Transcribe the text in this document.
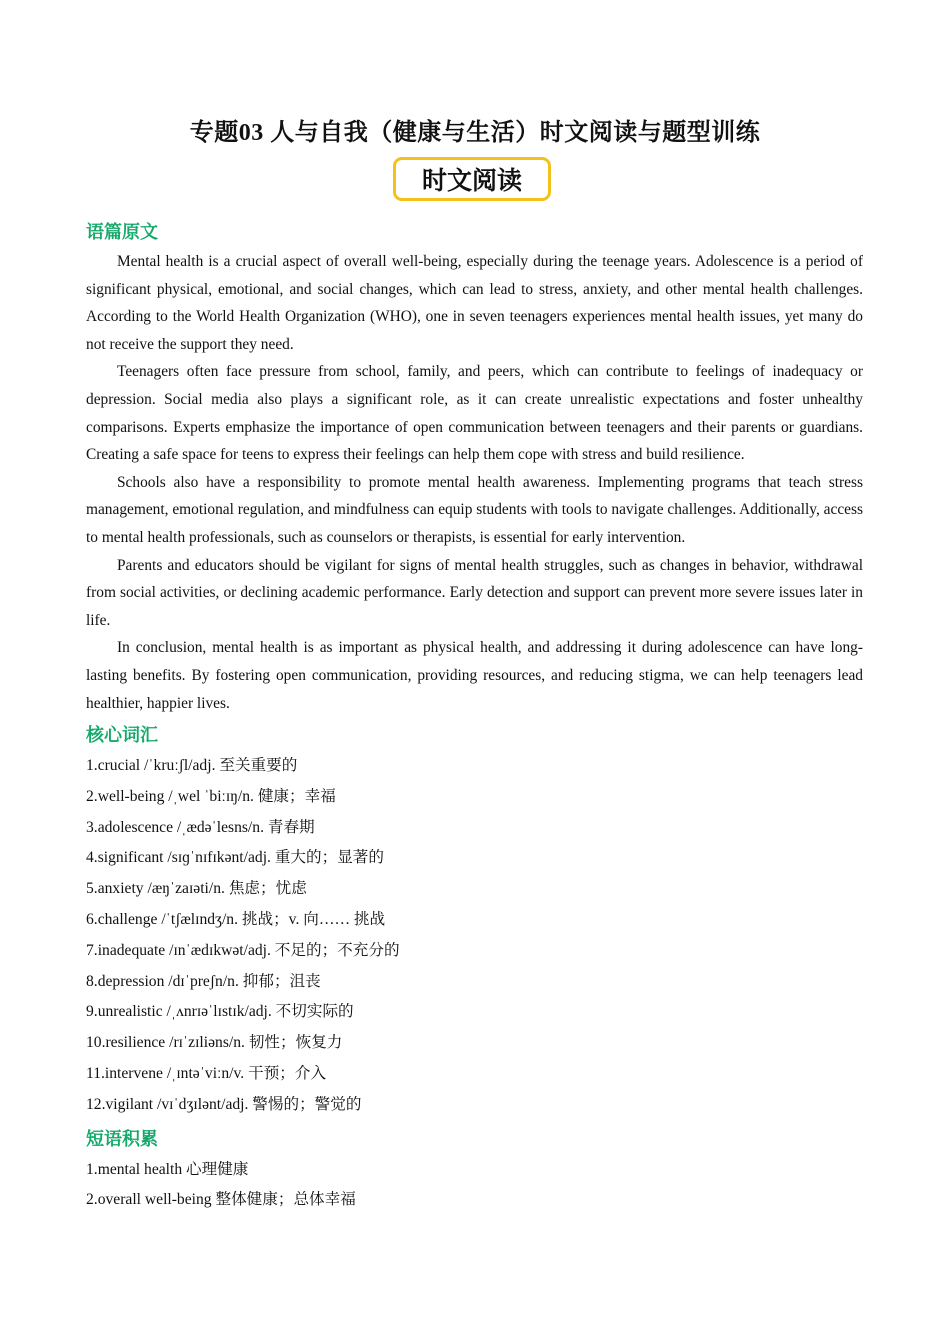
专题03 人与自我（健康与生活）时文阅读与题型训练
时文阅读
语篇原文

Mental health is a crucial aspect of overall well-being, especially during the teenage years. Adolescence is a period of significant physical, emotional, and social changes, which can lead to stress, anxiety, and other mental health challenges. According to the World Health Organization (WHO), one in seven teenagers experiences mental health issues, yet many do not receive the support they need.

Teenagers often face pressure from school, family, and peers, which can contribute to feelings of inadequacy or depression. Social media also plays a significant role, as it can create unrealistic expectations and foster unhealthy comparisons. Experts emphasize the importance of open communication between teenagers and their parents or guardians. Creating a safe space for teens to express their feelings can help them cope with stress and build resilience.

Schools also have a responsibility to promote mental health awareness. Implementing programs that teach stress management, emotional regulation, and mindfulness can equip students with tools to navigate challenges. Additionally, access to mental health professionals, such as counselors or therapists, is essential for early intervention.

Parents and educators should be vigilant for signs of mental health struggles, such as changes in behavior, withdrawal from social activities, or declining academic performance. Early detection and support can prevent more severe issues later in life.

In conclusion, mental health is as important as physical health, and addressing it during adolescence can have long-lasting benefits. By fostering open communication, providing resources, and reducing stigma, we can help teenagers lead healthier, happier lives.

核心词汇
1.crucial /ˈkruːʃl/adj. 至关重要的
2.well-being /ˌwel ˈbiːɪŋ/n. 健康；幸福
3.adolescence /ˌædəˈlesns/n. 青春期
4.significant /sɪɡˈnɪfɪkənt/adj. 重大的；显著的
5.anxiety /æŋˈzaɪəti/n. 焦虑；忧虑
6.challenge /ˈtʃælɪndʒ/n. 挑战；v. 向…… 挑战
7.inadequate /ɪnˈædɪkwət/adj. 不足的；不充分的
8.depression /dɪˈpreʃn/n. 抑郁；沮丧
9.unrealistic /ˌʌnrɪəˈlɪstɪk/adj. 不切实际的
10.resilience /rɪˈzɪliəns/n. 韧性；恢复力
11.intervene /ˌɪntəˈviːn/v. 干预；介入
12.vigilant /vɪˈdʒɪlənt/adj. 警惕的；警觉的
短语积累
1.mental health 心理健康
2.overall well-being 整体健康；总体幸福
